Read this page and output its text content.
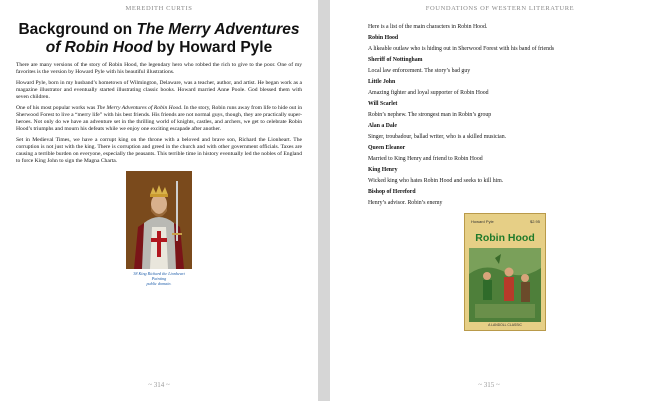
MEREDITH CURTIS
Background on The Merry Adventures of Robin Hood by Howard Pyle

There are many versions of the story of Robin Hood, the legendary hero who robbed the rich to give to the poor. One of my favorites is the version by Howard Pyle with his beautiful illustrations.

Howard Pyle, born in my husband’s hometown of Wilmington, Delaware, was a teacher, author, and artist. He began work as a magazine illustrator and eventually started illustrating classic books. Howard married Anne Poole. God blessed them with seven children.

One of his most popular works was The Merry Adventures of Robin Hood. In the story, Robin runs away from life to hide out in Sherwood Forest to live a “merry life” with his best friends. His friends are not normal guys, though, they are practically super-heroes. Not only do we have an adventure set in the thrilling world of knights, castles, and archers, we get to celebrate Robin Hood’s triumphs and mourn his defeats while we enjoy one exciting escapade after another.

Set in Medieval Times, we have a corrupt king on the throne with a beloved and brave son, Richard the Lionheart. The corruption is not just with the king. There is corruption and greed in the church and with other government officials. Taxes are causing a terrible burden on everyone, especially the peasants. This terrible time in history eventually led the nobles of England to force King John to sign the Magna Charta.

38 King Richard the Lionheart Painting
public domain.
~ 314 ~
FOUNDATIONS OF WESTERN LITERATURE

Here is a list of the main characters in Robin Hood.

Robin Hood

A likeable outlaw who is hiding out in Sherwood Forest with his band of friends

Sheriff of Nottingham

Local law enforcement. The story’s bad guy

Little John

Amazing fighter and loyal supporter of Robin Hood

Will Scarlet

Robin’s nephew. The strongest man in Robin’s group

Alan a Dale

Singer, troubadour, ballad writer, who is a skilled musician.

Queen Eleanor

Married to King Henry and friend to Robin Hood

King Henry

Wicked king who hates Robin Hood and seeks to kill him.

Bishop of Hereford

Henry’s advisor. Robin’s enemy

Howard Pyle	$2.95
Robin Hood
A LANDOLL CLASSIC
~ 315 ~
